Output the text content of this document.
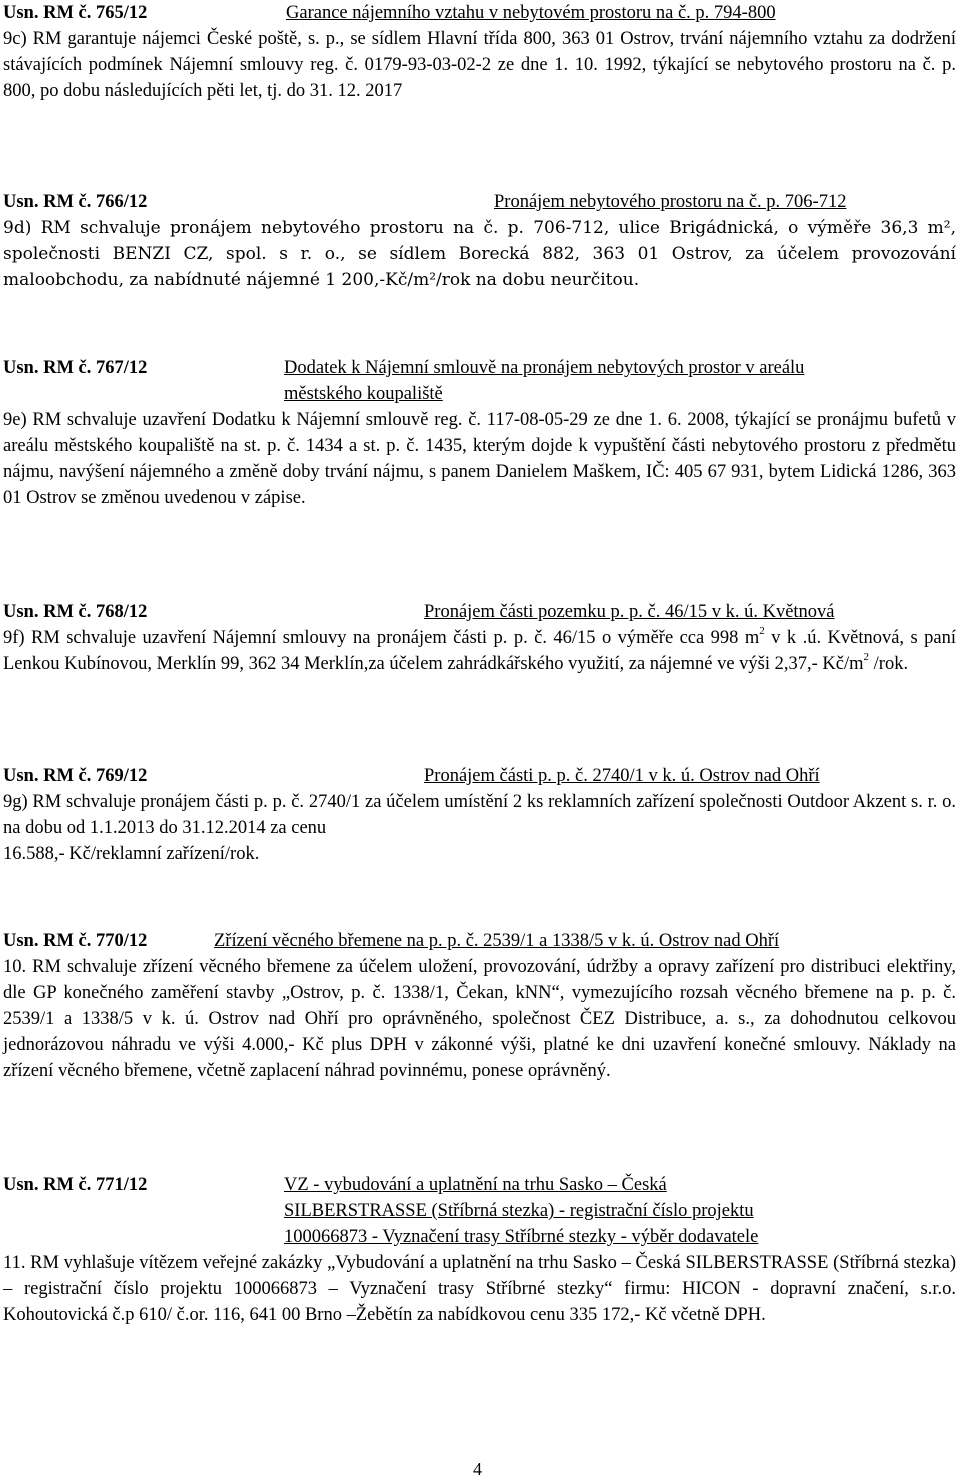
Usn. RM č. 765/12	Garance nájemního vztahu v nebytovém prostoru na č. p. 794-800
9c) RM garantuje nájemci České poště, s. p., se sídlem Hlavní třída 800, 363 01 Ostrov, trvání nájemního vztahu za dodržení stávajících podmínek Nájemní smlouvy reg. č. 0179-93-03-02-2 ze dne 1. 10. 1992, týkající se nebytového prostoru na č. p. 800, po dobu následujících pěti let, tj. do 31. 12. 2017
Usn. RM č. 766/12	Pronájem nebytového prostoru na č. p. 706-712
9d) RM schvaluje pronájem nebytového prostoru na č. p. 706-712, ulice Brigádnická, o výměře 36,3 m², společnosti BENZI CZ, spol. s r. o., se sídlem Borecká 882, 363 01 Ostrov, za účelem provozování maloobchodu, za nabídnuté nájemné 1 200,-Kč/m²/rok na dobu neurčitou.
Usn. RM č. 767/12	Dodatek k Nájemní smlouvě na pronájem nebytových prostor v areálu
městského koupaliště
9e) RM schvaluje uzavření Dodatku k Nájemní smlouvě reg. č. 117-08-05-29 ze dne 1. 6. 2008, týkající se pronájmu bufetů v areálu městského koupaliště na st. p. č. 1434 a st. p. č. 1435, kterým dojde k vypuštění části nebytového prostoru z předmětu nájmu, navýšení nájemného a změně doby trvání nájmu, s panem Danielem Maškem, IČ: 405 67 931, bytem Lidická 1286, 363 01 Ostrov se změnou uvedenou v zápise.
Usn. RM č. 768/12	Pronájem části pozemku p. p. č. 46/15 v k. ú. Květnová
9f) RM schvaluje uzavření Nájemní smlouvy na pronájem části p. p. č. 46/15 o výměře cca 998 $m^2$ v k .ú. Květnová, s paní Lenkou Kubínovou, Merklín 99, 362 34 Merklín,za účelem zahrádkářského využití, za nájemné ve výši 2,37,- $Kč/m^2$ /rok.
Usn. RM č. 769/12	Pronájem části p. p. č. 2740/1 v k. ú. Ostrov nad Ohří
9g) RM schvaluje pronájem části p. p. č. 2740/1 za účelem umístění 2 ks reklamních zařízení společnosti Outdoor Akzent s. r. o. na dobu od 1.1.2013 do 31.12.2014 za cenu
16.588,- Kč/reklamní zařízení/rok.
Usn. RM č. 770/12	Zřízení věcného břemene na p. p. č. 2539/1 a 1338/5 v k. ú. Ostrov nad Ohří
10. RM schvaluje zřízení věcného břemene za účelem uložení, provozování, údržby a opravy zařízení pro distribuci elektřiny, dle GP konečného zaměření stavby „Ostrov, p. č. 1338/1, Čekan, kNN“, vymezujícího rozsah věcného břemene na p. p. č. 2539/1 a 1338/5 v k. ú. Ostrov nad Ohří pro oprávněného, společnost ČEZ Distribuce, a. s., za dohodnutou celkovou jednorázovou náhradu ve výši 4.000,- Kč plus DPH v zákonné výši, platné ke dni uzavření konečné smlouvy. Náklady na zřízení věcného břemene, včetně zaplacení náhrad povinnému, ponese oprávněný.
Usn. RM č. 771/12	VZ - vybudování a uplatnění na trhu Sasko – Česká
SILBERSTRASSE (Stříbrná stezka) - registrační číslo projektu
100066873 - Vyznačení trasy Stříbrné stezky - výběr dodavatele
11. RM vyhlašuje vítězem veřejné zakázky „Vybudování a uplatnění na trhu Sasko – Česká SILBERSTRASSE (Stříbrná stezka) – registrační číslo projektu 100066873 – Vyznačení trasy Stříbrné stezky“ firmu: HICON - dopravní značení, s.r.o. Kohoutovická č.p 610/ č.or. 116, 641 00 Brno –Žebětín za nabídkovou cenu 335 172,- Kč včetně DPH.
4
